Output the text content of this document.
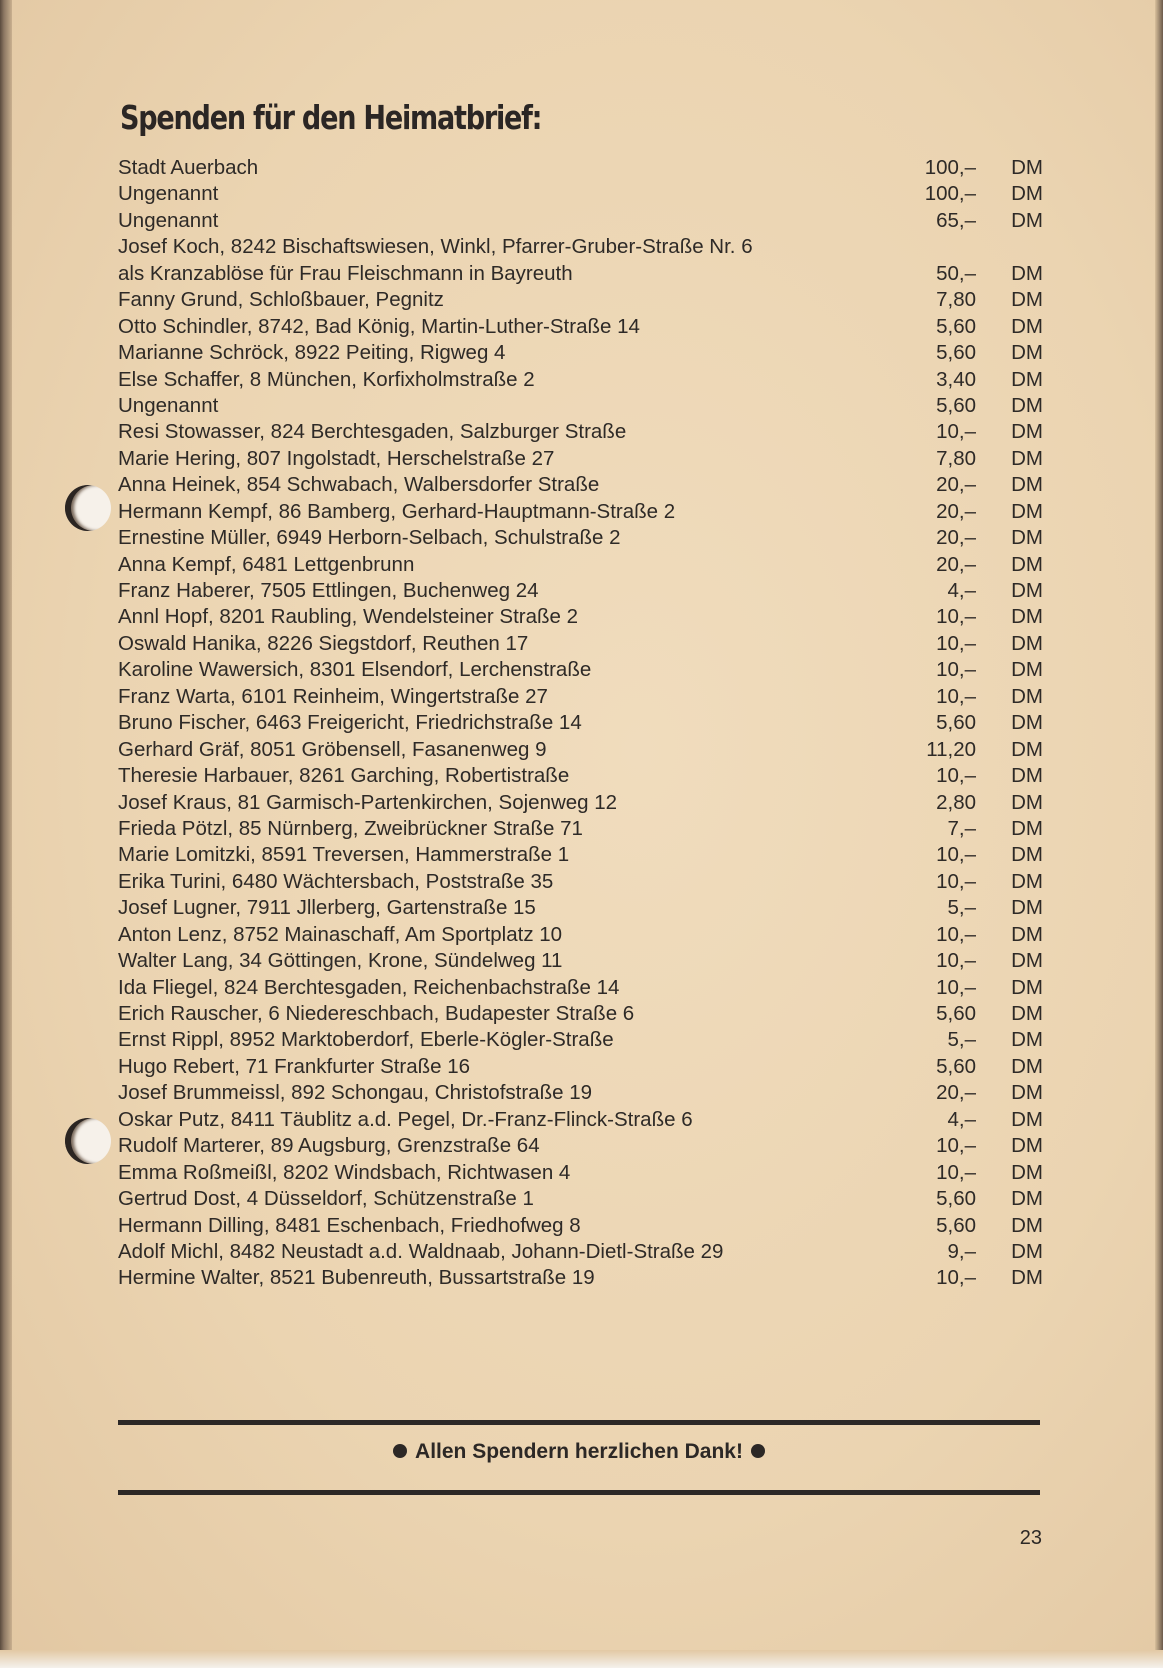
Spenden für den Heimatbrief:
Stadt Auerbach	100,–	DM
Ungenannt	100,–	DM
Ungenannt	65,–	DM
Josef Koch, 8242 Bischaftswiesen, Winkl, Pfarrer-Gruber-Straße Nr. 6
als Kranzablöse für Frau Fleischmann in Bayreuth	50,–	DM
Fanny Grund, Schloßbauer, Pegnitz	7,80	DM
Otto Schindler, 8742, Bad König, Martin-Luther-Straße 14	5,60	DM
Marianne Schröck, 8922 Peiting, Rigweg 4	5,60	DM
Else Schaffer, 8 München, Korfixholmstraße 2	3,40	DM
Ungenannt	5,60	DM
Resi Stowasser, 824 Berchtesgaden, Salzburger Straße	10,–	DM
Marie Hering, 807 Ingolstadt, Herschelstraße 27	7,80	DM
Anna Heinek, 854 Schwabach, Walbersdorfer Straße	20,–	DM
Hermann Kempf, 86 Bamberg, Gerhard-Hauptmann-Straße 2	20,–	DM
Ernestine Müller, 6949 Herborn-Selbach, Schulstraße 2	20,–	DM
Anna Kempf, 6481 Lettgenbrunn	20,–	DM
Franz Haberer, 7505 Ettlingen, Buchenweg 24	4,–	DM
Annl Hopf, 8201 Raubling, Wendelsteiner Straße 2	10,–	DM
Oswald Hanika, 8226 Siegstdorf, Reuthen 17	10,–	DM
Karoline Wawersich, 8301 Elsendorf, Lerchenstraße	10,–	DM
Franz Warta, 6101 Reinheim, Wingertstraße 27	10,–	DM
Bruno Fischer, 6463 Freigericht, Friedrichstraße 14	5,60	DM
Gerhard Gräf, 8051 Gröbensell, Fasanenweg 9	11,20	DM
Theresie Harbauer, 8261 Garching, Robertistraße	10,–	DM
Josef Kraus, 81 Garmisch-Partenkirchen, Sojenweg 12	2,80	DM
Frieda Pötzl, 85 Nürnberg, Zweibrückner Straße 71	7,–	DM
Marie Lomitzki, 8591 Treversen, Hammerstraße 1	10,–	DM
Erika Turini, 6480 Wächtersbach, Poststraße 35	10,–	DM
Josef Lugner, 7911 Jllerberg, Gartenstraße 15	5,–	DM
Anton Lenz, 8752 Mainaschaff, Am Sportplatz 10	10,–	DM
Walter Lang, 34 Göttingen, Krone, Sündelweg 11	10,–	DM
Ida Fliegel, 824 Berchtesgaden, Reichenbachstraße 14	10,–	DM
Erich Rauscher, 6 Niedereschbach, Budapester Straße 6	5,60	DM
Ernst Rippl, 8952 Marktoberdorf, Eberle-Kögler-Straße	5,–	DM
Hugo Rebert, 71 Frankfurter Straße 16	5,60	DM
Josef Brummeissl, 892 Schongau, Christofstraße 19	20,–	DM
Oskar Putz, 8411 Täublitz a.d. Pegel, Dr.-Franz-Flinck-Straße 6	4,–	DM
Rudolf Marterer, 89 Augsburg, Grenzstraße 64	10,–	DM
Emma Roßmeißl, 8202 Windsbach, Richtwasen 4	10,–	DM
Gertrud Dost, 4 Düsseldorf, Schützenstraße 1	5,60	DM
Hermann Dilling, 8481 Eschenbach, Friedhofweg 8	5,60	DM
Adolf Michl, 8482 Neustadt a.d. Waldnaab, Johann-Dietl-Straße 29	9,–	DM
Hermine Walter, 8521 Bubenreuth, Bussartstraße 19	10,–	DM
Allen Spendern herzlichen Dank!
23
